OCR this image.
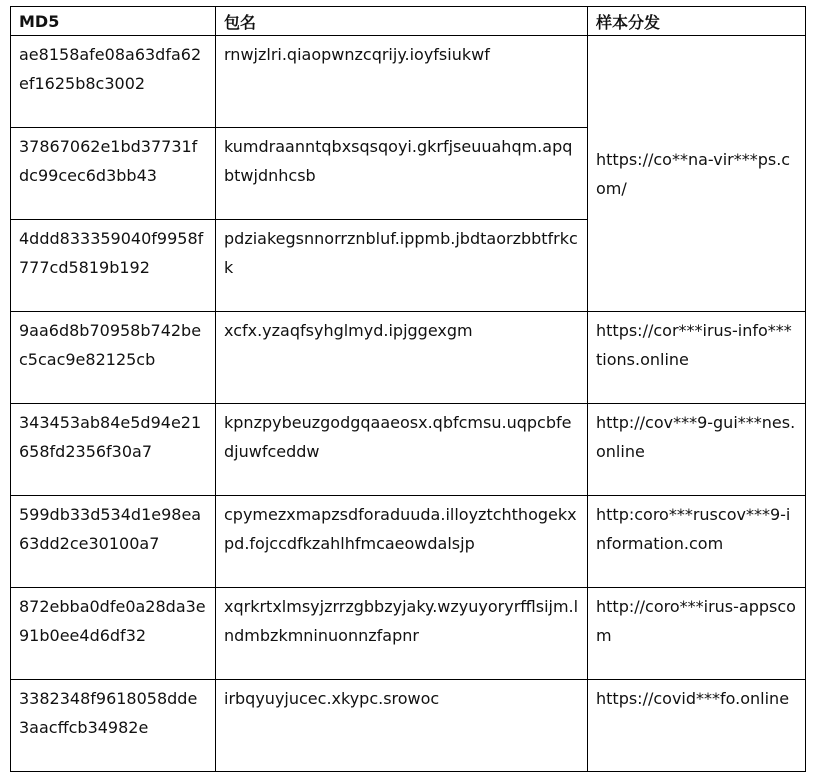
MD5	包名	样本分发
ae8158afe08a63dfa62ef1625b8c3002	rnwjzlri.qiaopwnzcqrijy.ioyfsiukwf	https://co**na-vir***ps.com/
37867062e1bd37731fdc99cec6d3bb43	kumdraanntqbxsqsqoyi.gkrfjseuuahqm.apqbtwjdnhcsb	
4ddd833359040f9958f777cd5819b192	pdziakegsnnorrznbluf.ippmb.jbdtaorzbbtfrkck	
9aa6d8b70958b742bec5cac9e82125cb	xcfx.yzaqfsyhglmyd.ipjggexgm	https://cor***irus-info***tions.online
343453ab84e5d94e21658fd2356f30a7	kpnzpybeuzgodgqaaeosx.qbfcmsu.uqpcbfedjuwfceddw	http://cov***9-gui***nes.online
599db33d534d1e98ea63dd2ce30100a7	cpymezxmapzsdforaduuda.illoyztchthogekxpd.fojccdfkzahlhfmcaeowdalsjp	http:coro***ruscov***9-information.com
872ebba0dfe0a28da3e91b0ee4d6df32	xqrkrtxlmsyjzrrzgbbzyjaky.wzyuyoryrfflsijm.lndmbzkmninuonnzfapnr	http://coro***irus-appscom
3382348f9618058dde3aacffcb34982e	irbqyuyjucec.xkypc.srowoc	https://covid***fo.online
